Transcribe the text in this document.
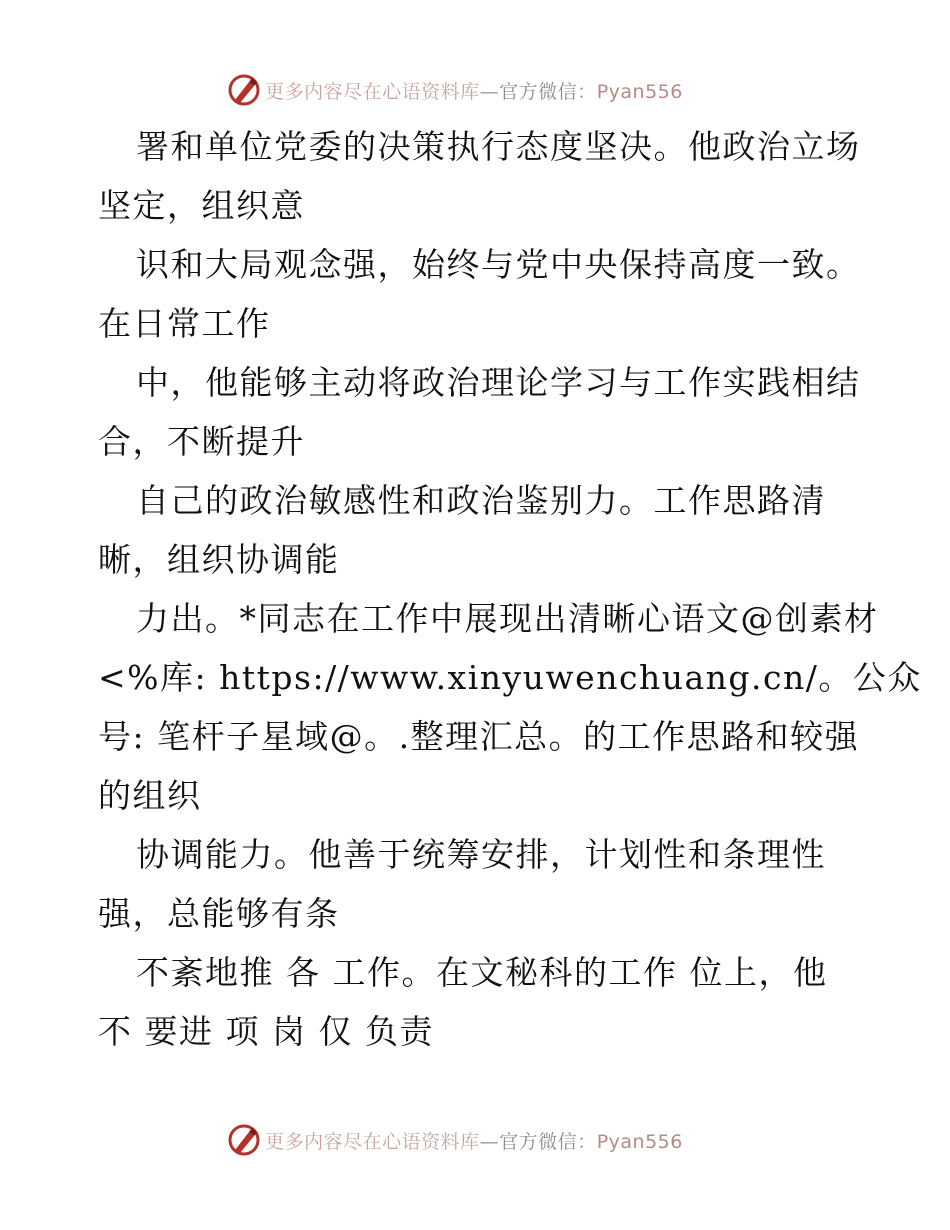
更多内容尽在心语资料库—官方微信：Pyan556
署和单位党委的决策执行态度坚决。他政治立场
坚定，组织意
识和大局观念强，始终与党中央保持高度一致。
在日常工作
中，他能够主动将政治理论学习与工作实践相结
合，不断提升
自己的政治敏感性和政治鉴别力。工作思路清
晰，组织协调能
力出。*同志在工作中展现出清晰心语文@创素材
<%库: https://www.xinyuwenchuang.cn/。公众
号: 笔杆子星域@。.整理汇总。的工作思路和较强
的组织
协调能力。他善于统筹安排，计划性和条理性
强，总能够有条
不紊地推 各 工作。在文秘科的工作 位上，他
不 要进 项 岗 仅 负责
更多内容尽在心语资料库—官方微信：Pyan556
